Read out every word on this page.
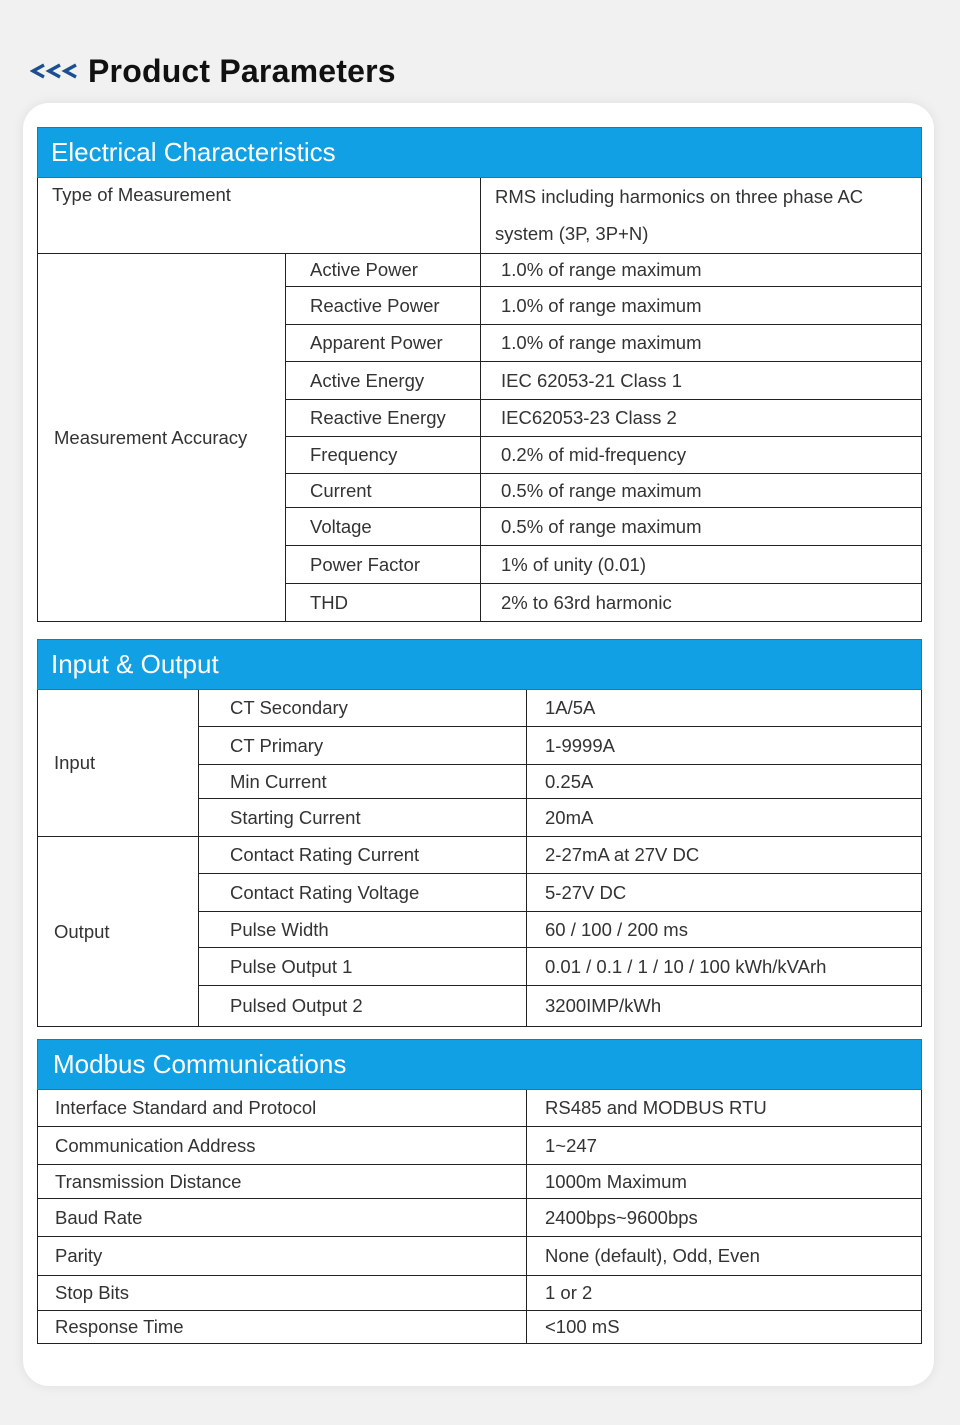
Product Parameters
Electrical Characteristics		
Type of Measurement		RMS including harmonics on three phase AC system (3P, 3P+N)
Measurement Accuracy	Active Power	1.0% of range maximum
	Reactive Power	1.0% of range maximum
	Apparent Power	1.0% of range maximum
	Active Energy	IEC 62053-21 Class 1
	Reactive Energy	IEC62053-23 Class 2
	Frequency	0.2% of mid-frequency
	Current	0.5% of range maximum
	Voltage	0.5% of range maximum
	Power Factor	1% of unity (0.01)
	THD	2% to 63rd harmonic
Input & Output		
Input	CT Secondary	1A/5A
	CT Primary	1-9999A
	Min Current	0.25A
	Starting Current	20mA
Output	Contact Rating Current	2-27mA at 27V DC
	Contact Rating Voltage	5-27V DC
	Pulse Width	60 / 100 / 200 ms
	Pulse Output 1	0.01 / 0.1 / 1 / 10 / 100 kWh/kVArh
	Pulsed Output 2	3200IMP/kWh
Modbus Communications	
Interface Standard and Protocol	RS485 and MODBUS RTU
Communication Address	1~247
Transmission Distance	1000m Maximum
Baud Rate	2400bps~9600bps
Parity	None (default), Odd, Even
Stop Bits	1 or 2
Response Time	<100 mS
